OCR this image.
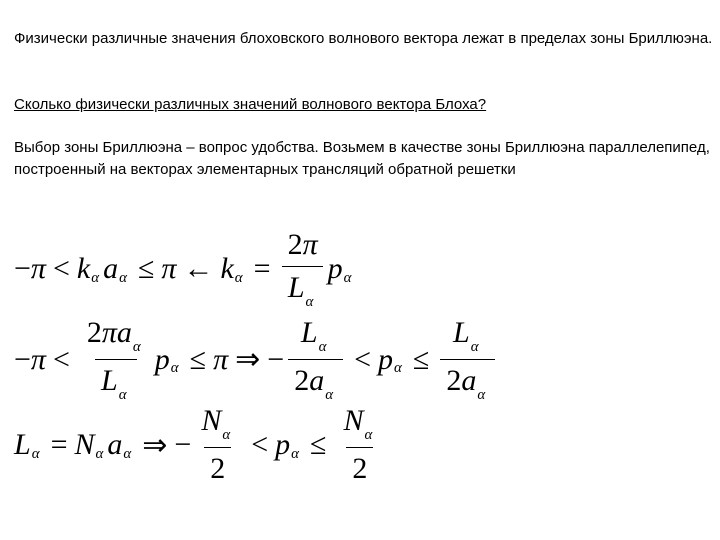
Физически различные значения блоховского волнового вектора лежат в пределах зоны Бриллюэна.

Сколько физически различных значений волнового вектора Блоха?

Выбор зоны Бриллюэна – вопрос удобства. Возьмем в качестве зоны Бриллюэна параллелепипед, построенный на векторах элементарных трансляций обратной решетки

− π < k α a α ≤ π ← k $\alpha = \frac{2\pi}{L_\alpha}$ p α
− $\pi < \frac{2\pi a_\alpha}{L_\alpha}$ p α ≤ π ⇒ − $\frac{L_\alpha}{2a_\alpha} < p$ $\alpha \le \frac{L_\alpha}{2a_\alpha}$
L α = N α a α ⇒ − $\frac{N_\alpha}{2} < p$ $\alpha \le \frac{N_\alpha}{2}$
